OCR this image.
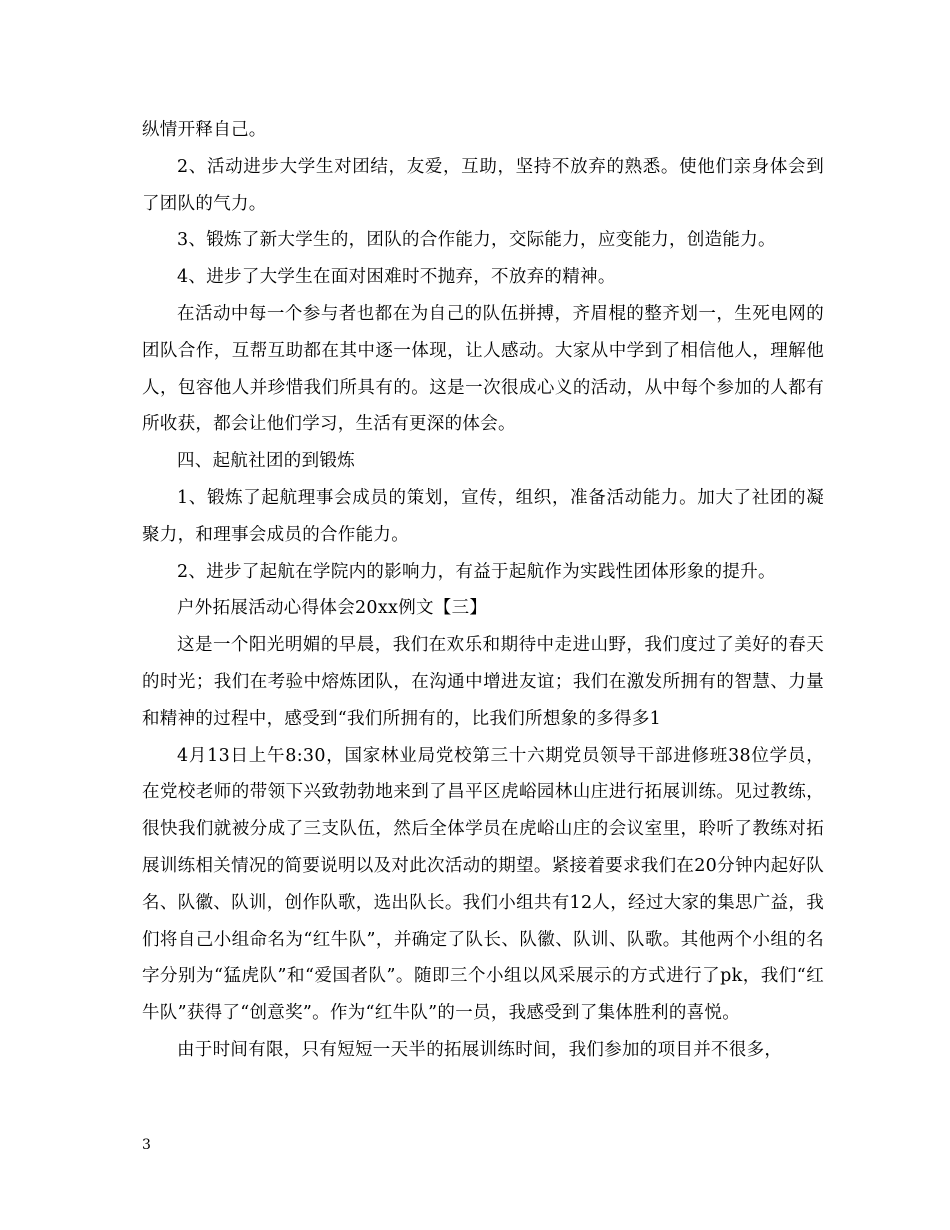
纵情开释自己。

2、活动进步大学生对团结，友爱，互助，坚持不放弃的熟悉。使他们亲身体会到了团队的气力。

3、锻炼了新大学生的，团队的合作能力，交际能力，应变能力，创造能力。

4、进步了大学生在面对困难时不抛弃，不放弃的精神。

在活动中每一个参与者也都在为自己的队伍拼搏，齐眉棍的整齐划一，生死电网的团队合作，互帮互助都在其中逐一体现，让人感动。大家从中学到了相信他人，理解他人，包容他人并珍惜我们所具有的。这是一次很成心义的活动，从中每个参加的人都有所收获，都会让他们学习，生活有更深的体会。

四、起航社团的到锻炼

1、锻炼了起航理事会成员的策划，宣传，组织，准备活动能力。加大了社团的凝聚力，和理事会成员的合作能力。

2、进步了起航在学院内的影响力，有益于起航作为实践性团体形象的提升。

户外拓展活动心得体会20xx例文【三】

这是一个阳光明媚的早晨，我们在欢乐和期待中走进山野，我们度过了美好的春天的时光；我们在考验中熔炼团队，在沟通中增进友谊；我们在激发所拥有的智慧、力量和精神的过程中，感受到“我们所拥有的，比我们所想象的多得多1

4月13日上午8:30，国家林业局党校第三十六期党员领导干部进修班38位学员，在党校老师的带领下兴致勃勃地来到了昌平区虎峪园林山庄进行拓展训练。见过教练，很快我们就被分成了三支队伍，然后全体学员在虎峪山庄的会议室里，聆听了教练对拓展训练相关情况的简要说明以及对此次活动的期望。紧接着要求我们在20分钟内起好队名、队徽、队训，创作队歌，选出队长。我们小组共有12人，经过大家的集思广益，我们将自己小组命名为“红牛队”，并确定了队长、队徽、队训、队歌。其他两个小组的名字分别为“猛虎队”和“爱国者队”。随即三个小组以风采展示的方式进行了pk，我们“红牛队”获得了“创意奖”。作为“红牛队”的一员，我感受到了集体胜利的喜悦。

由于时间有限，只有短短一天半的拓展训练时间，我们参加的项目并不很多，

3
